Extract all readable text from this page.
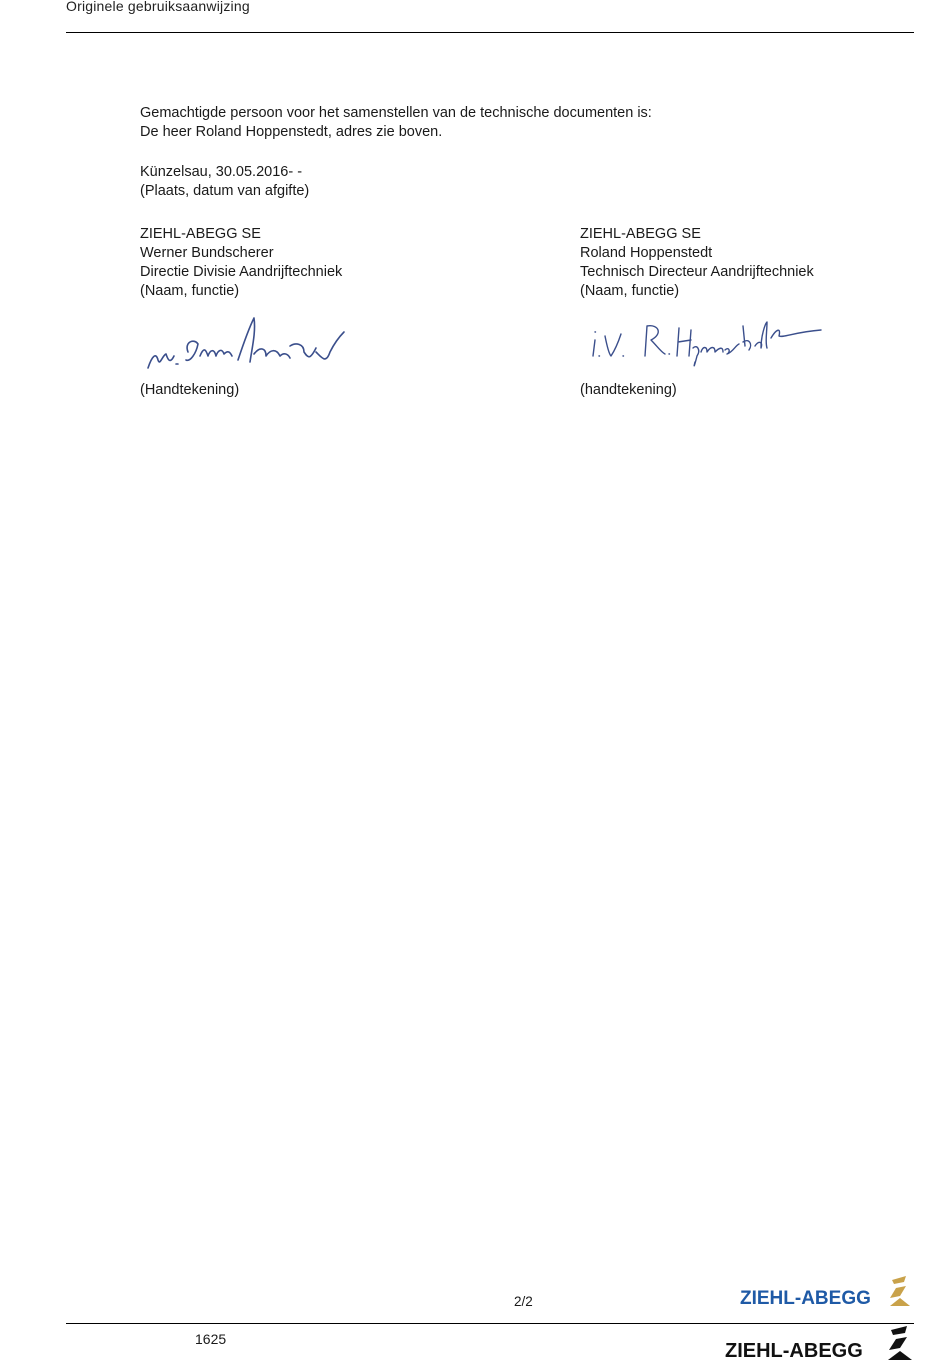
Originele gebruiksaanwijzing
Gemachtigde persoon voor het samenstellen van de technische documenten is:
De heer Roland Hoppenstedt, adres zie boven.
Künzelsau, 30.05.2016- -
(Plaats, datum van afgifte)
ZIEHL-ABEGG SE
Werner Bundscherer
Directie Divisie Aandrijftechniek
(Naam, functie)
(Handtekening)
ZIEHL-ABEGG SE
Roland Hoppenstedt
Technisch Directeur Aandrijftechniek
(Naam, functie)
(handtekening)
2/2	ZIEHL-ABEGG
1625
ZIEHL-ABEGG
